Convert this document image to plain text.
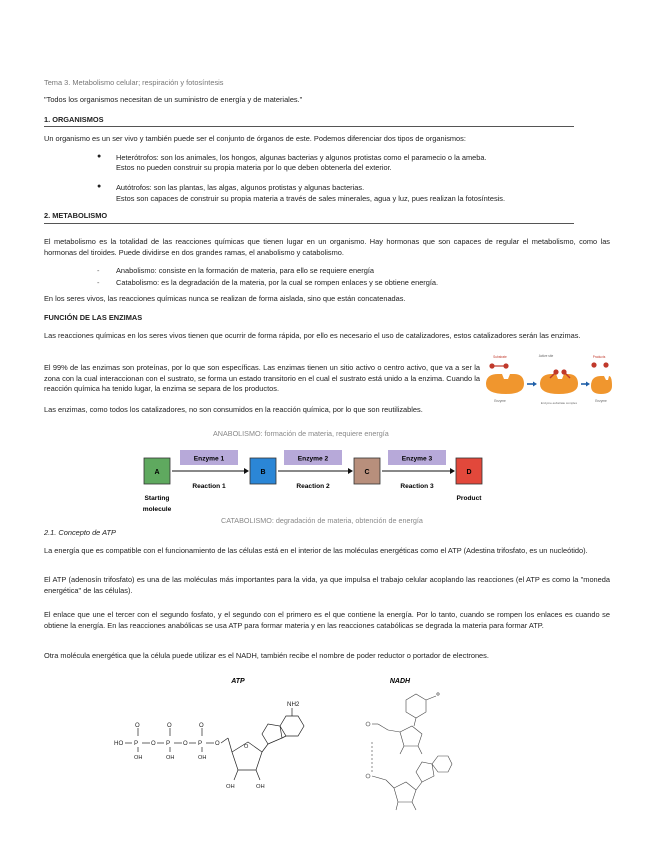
Tema 3. Metabolismo celular; respiración y fotosíntesis
"Todos los organismos necesitan de un suministro de energía y de materiales."
1. ORGANISMOS
Un organismo es un ser vivo y también puede ser el conjunto de órganos de este. Podemos diferenciar dos tipos de organismos:
● Heterótrofos: son los animales, los hongos, algunas bacterias y algunos protistas como el paramecio o la ameba.
Estos no pueden construir su propia materia por lo que deben obtenerla del exterior.
● Autótrofos: son las plantas, las algas, algunos protistas y algunas bacterias.
Estos son capaces de construir su propia materia a través de sales minerales, agua y luz, pues realizan la fotosíntesis.
2. METABOLISMO
El metabolismo es la totalidad de las reacciones químicas que tienen lugar en un organismo. Hay hormonas que son capaces de regular el metabolismo, como las hormonas del tiroides. Puede dividirse en dos grandes ramas, el anabolismo y catabolismo.
- Anabolismo: consiste en la formación de materia, para ello se requiere energía
- Catabolismo: es la degradación de la materia, por la cual se rompen enlaces y se obtiene energía.
En los seres vivos, las reacciones químicas nunca se realizan de forma aislada, sino que están concatenadas.
FUNCIÓN DE LAS ENZIMAS
Las reacciones químicas en los seres vivos tienen que ocurrir de forma rápida, por ello es necesario el uso de catalizadores, estos catalizadores serán las enzimas.
El 99% de las enzimas son proteínas, por lo que son específicas. Las enzimas tienen un sitio activo o centro activo, que va a ser la zona con la cual interaccionan con el sustrato, se forma un estado transitorio en el cual el sustrato está unido a la enzima. Cuando la reacción química ha tenido lugar, la enzima se separa de los productos.
Substrate	Active site
Enzyme	Enzyme-substrate complex
Products
Enzyme
Las enzimas, como todos los catalizadores, no son consumidos en la reacción química, por lo que son reutilizables.
ANABOLISMO: formación de materia, requiere energía
A	B	C	D
Enzyme 1	Enzyme 2	Enzyme 3
Reaction 1	Reaction 2	Reaction 3
Starting
molecule
Product
CATABOLISMO: degradación de materia, obtención de energía
2.1. Concepto de ATP
La energía que es compatible con el funcionamiento de las células está en el interior de las moléculas energéticas como el ATP (Adestina trifosfato, es un nucleótido).
El ATP (adenosín trifosfato) es una de las moléculas más importantes para la vida, ya que impulsa el trabajo celular acoplando las reacciones (el ATP es como la "moneda energética" de las células).
El enlace que une el tercer con el segundo fosfato, y el segundo con el primero es el que contiene la energía. Por lo tanto, cuando se rompen los enlaces es cuando se obtiene la energía. En las reacciones anabólicas se usa ATP para formar materia y en las reacciones catabólicas se degrada la materia para formar ATP.
Otra molécula energética que la célula puede utilizar es el NADH, también recibe el nombre de poder reductor o portador de electrones.
ATP	NADH
HO P
O
OH
O P
O
OH
O P
O
OH
O	O
OH	OH
NH2
